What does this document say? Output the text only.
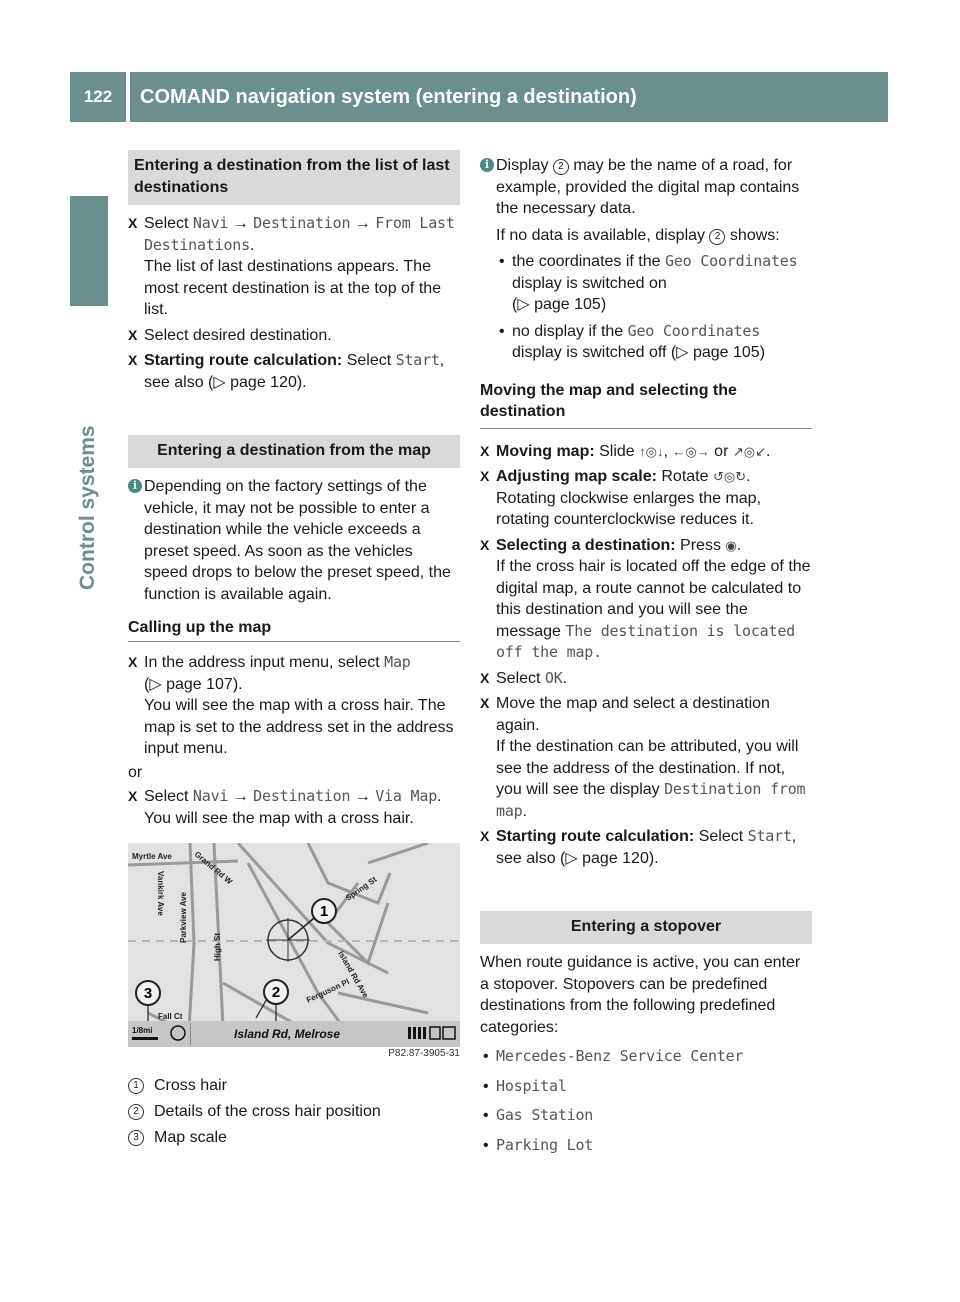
122	COMAND navigation system (entering a destination)
Control systems
Entering a destination from the list of last destinations
X Select Navi → Destination → From Last Destinations.

The list of last destinations appears. The most recent destination is at the top of the list.

X Select desired destination.
X Starting route calculation: Select Start, see also (▷ page 120).
Entering a destination from the map
i Depending on the factory settings of the vehicle, it may not be possible to enter a destination while the vehicle exceeds a preset speed. As soon as the vehicles speed drops to below the preset speed, the function is available again.
Calling up the map
X In the address input menu, select Map
(▷ page 107).

You will see the map with a cross hair. The map is set to the address set in the address input menu.

or

X Select Navi → Destination → Via Map.

You will see the map with a cross hair.

Myrtle Ave	Grand Rd W
Vankirk Ave Parkview Ave
High St
Spring St
Island Rd Ave
Ferguson Pl
Fall Ct
1
2
3
1/8mi	Island Rd, Melrose
P82.87-3905-31
1 Cross hair
2 Details of the cross hair position
3 Map scale
i Display 2 may be the name of a road, for example, provided the digital map contains the necessary data.

If no data is available, display 2 shows:

• the coordinates if the Geo Coordinates display is switched on
(▷ page 105)
• no display if the Geo Coordinates
display is switched off (▷ page 105)
Moving the map and selecting the destination
X Moving map: Slide ↑◎↓, ←◎→ or ↗◎↙.
X Adjusting map scale: Rotate ↺◎↻.

Rotating clockwise enlarges the map, rotating counterclockwise reduces it.

X Selecting a destination: Press ◉.

If the cross hair is located off the edge of the digital map, a route cannot be calculated to this destination and you will see the message The destination is located off the map.

X Select OK.
X Move the map and select a destination again.

If the destination can be attributed, you will see the address of the destination. If not, you will see the display Destination from map.

X Starting route calculation: Select Start, see also (▷ page 120).
Entering a stopover

When route guidance is active, you can enter a stopover. Stopovers can be predefined destinations from the following predefined categories:

• Mercedes-Benz Service Center
• Hospital
• Gas Station
• Parking Lot
